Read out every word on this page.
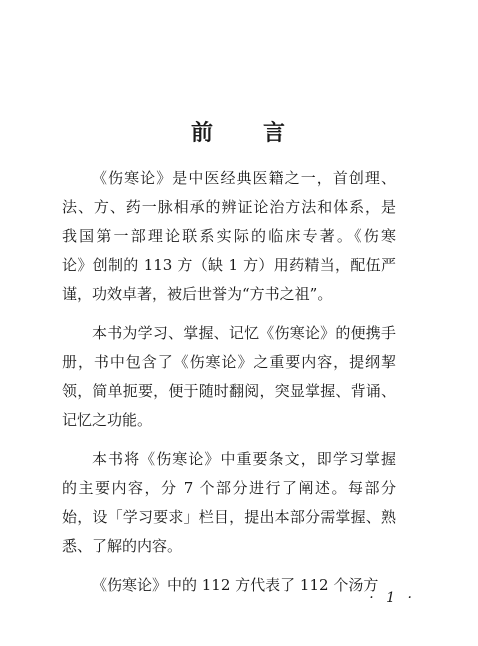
前 言
《伤寒论》是中医经典医籍之一，首创理、
法、方、药一脉相承的辨证论治方法和体系，是
我国第一部理论联系实际的临床专著。《伤寒
论》创制的 113 方（缺 1 方）用药精当，配伍严
谨，功效卓著，被后世誉为“方书之祖”。
本书为学习、掌握、记忆《伤寒论》的便携手
册，书中包含了《伤寒论》之重要内容，提纲挈
领，简单扼要，便于随时翻阅，突显掌握、背诵、
记忆之功能。
本书将《伤寒论》中重要条文，即学习掌握
的主要内容，分 7 个部分进行了阐述。每部分
始，设「学习要求」栏目，提出本部分需掌握、熟
悉、了解的内容。
《伤寒论》中的 112 方代表了 112 个汤方
· 1 ·
